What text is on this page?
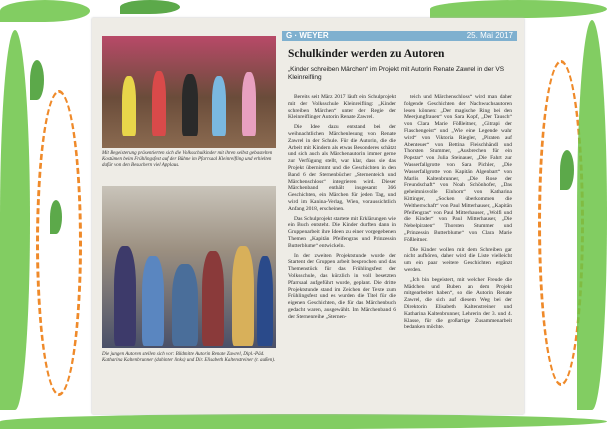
G · WEYER	25. Mai 2017
Mit Begeisterung präsentierten sich die Volksschulkinder mit ihren selbst gebastelten Kostümen beim Frühlingsfest auf der Bühne im Pfarrsaal Kleinreifling und erhielten dafür von den Besuchern viel Applaus.
Die jungen Autoren stellen sich vor: Bildmitte Autorin Renate Zawrel, Dipl.-Päd. Katharina Kaltenbrunner (dahinter links) und Dir. Elisabeth Kaltenstreiner (r. außen).
Schulkinder werden zu Autoren
„Kinder schreiben Märchen“ im Projekt mit Autorin Renate Zawrel in der VS Kleinreifling

Bereits seit März 2017 läuft ein Schulprojekt mit der Volksschule Kleinreifling: „Kinder schreiben Märchen“ unter der Regie der Kleinreiflinger Autorin Renate Zawrel.

Die Idee dazu entstand bei der weihnachtlichen Märchenlesung von Renate Zawrel in der Schule. Für die Autorin, die die Arbeit mit Kindern als etwas Besonderes schätzt und sich auch als Märchenautorin immer gerne zur Verfügung stellt, war klar, dass sie das Projekt übernimmt und die Geschichten in den Band 6 der Sternenbücher „Sternenteich und Märchenschloss“ integrieren wird. Dieser Märchenband enthält insgesamt 366 Geschichten, ein Märchen für jeden Tag, und wird im Kanina-Verlag, Wien, voraussichtlich Anfang 2018, erscheinen.

Das Schulprojekt startete mit Erklärungen wie ein Buch entsteht. Die Kinder durften dann in Gruppenarbeit ihre Ideen zu einer vorgegebenen Themen „Kapitän Pfeifengras und Prinzessin Butterblume“ entwickeln.

In der zweiten Projektstunde wurde der Startent der Gruppen arbeit besprochen und das Themenstück für das Frühlingsfest der Volksschule, das kürzlich in voll besetzten Pfarrsaal aufgeführt wurde, geplant. Die dritte Projektstunde stand im Zeichen der Texte zum Frühlingsfest und es wurden die Titel für die eigenen Geschichten, die für das Märchenbuch gedacht waren, ausgewählt. Im Märchenband 6 der Sternenreihe „Sternen-

teich und Märchenschloss“ wird man daher folgende Geschichten der Nachwuchsautoren lesen können: „Der magische Ring bei den Meerjungfrauen“ von Sara Kopf, „Der Tausch“ von Clara Marie Fößleitner, „Gitrapi der Flaschengeist“ und „Wie eine Legende wahr wird“ von Viktoria Riegler, „Piraten auf Abenteuer“ von Bettina Fleischhändl und Thorsten Stummer, „Ausbrechen für ein Popstar“ von Julia Steinauer, „Die Fahrt zur Wasserfallgrotte von Sara Pichler, „Die Wasserfallgrotte von Kapitän Algenbart“ von Marlis Kaltenbrunner, „Die Rose der Freundschaft“ von Noah Schönhofer, „Das geheimnisvolle Einhorn“ von Katharina Kittinger, „Socken überkommen die Weltherrschaft“ von Paul Mitterhauser, „Kapitän Pfeifengras“ von Paul Mitterhauser, „Wolfi und die Kinder“ von Paul Mitterhauser, „Die Nebelpiraten“ Thorsten Stummer und „Prinzessin Butterblume“ von Clara Marie Fößleitner.

Die Kinder wollen mit dem Schreiben gar nicht aufhören, daher wird die Liste vielleicht um ein paar weitere Geschichten ergänzt werden.

„Ich bin begeistert, mit welcher Freude die Mädchen und Buben an dem Projekt mitgearbeitet haben“, so die Autorin Renate Zawrel, die sich auf diesem Weg bei der Direktorin Elisabeth Kaltenstreiner und Katharina Kaltenbrunner, Lehrerin der 3. und 4. Klasse, für die großartige Zusammenarbeit bedanken möchte.
